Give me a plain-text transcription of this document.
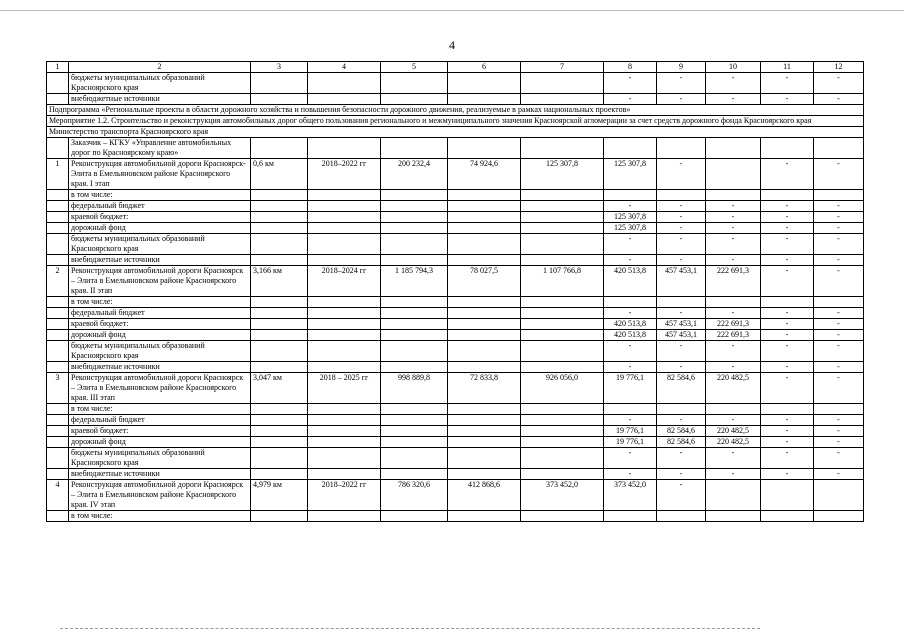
4
1	2	3	4	5	6	7	8	9	10	11	12
	бюджеты муниципальных образований Красноярского края						-	-	-	-	-
	внебюджетные источники						-	-	-	-	-
Подпрограмма «Региональные проекты в области дорожного хозяйства и повышения безопасности дорожного движения, реализуемые в рамках национальных проектов»											
Мероприятие 1.2. Строительство и реконструкция автомобильных дорог общего пользования регионального и межмуниципального значения Красноярской агломерации за счет средств дорожного фонда Красноярского края											
Министерство транспорта Красноярского края											
	Заказчик – КГКУ «Управление автомобильных дорог по Красноярскому краю»										
1	Реконструкция автомобильной дороги Красноярск-Элита в Емельяновском районе Красноярского края. I этап	0,6 км	2018–2022 гг	200 232,4	74 924,6	125 307,8	125 307,8	-		-	-
	в том числе:										
	федеральный бюджет						-	-	-	-	-
	краевой бюджет:						125 307,8	-	-	-	-
	дорожный фонд						125 307,8	-	-	-	-
	бюджеты муниципальных образований Красноярского края						-	-	-	-	-
	внебюджетные источники						-	-	-	-	-
2	Реконструкция автомобильной дороги Красноярск – Элита в Емельяновском районе Красноярского края. II этап	3,166 км	2018–2024 гг	1 185 794,3	78 027,5	1 107 766,8	420 513,8	457 453,1	222 691,3	-	-
	в том числе:										
	федеральный бюджет						-	-	-	-	-
	краевой бюджет:						420 513,8	457 453,1	222 691,3	-	-
	дорожный фонд						420 513,8	457 453,1	222 691,3	-	-
	бюджеты муниципальных образований Красноярского края						-	-	-	-	-
	внебюджетные источники						-	-	-	-	-
3	Реконструкция автомобильной дороги Красноярск – Элита в Емельяновском районе Красноярского края. III этап	3,047 км	2018 – 2025 гг	998 889,8	72 833,8	926 056,0	19 776,1	82 584,6	220 482,5	-	-
	в том числе:										
	федеральный бюджет						-	-	-	-	-
	краевой бюджет:						19 776,1	82 584,6	220 482,5	-	-
	дорожный фонд						19 776,1	82 584,6	220 482,5	-	-
	бюджеты муниципальных образований Красноярского края						-	-	-	-	-
	внебюджетные источники						-	-	-	-	-
4	Реконструкция автомобильной дороги Красноярск – Элита в Емельяновском районе Красноярского края. IV этап	4,979 км	2018–2022 гг	786 320,6	412 868,6	373 452,0	373 452,0	-			
	в том числе:										
